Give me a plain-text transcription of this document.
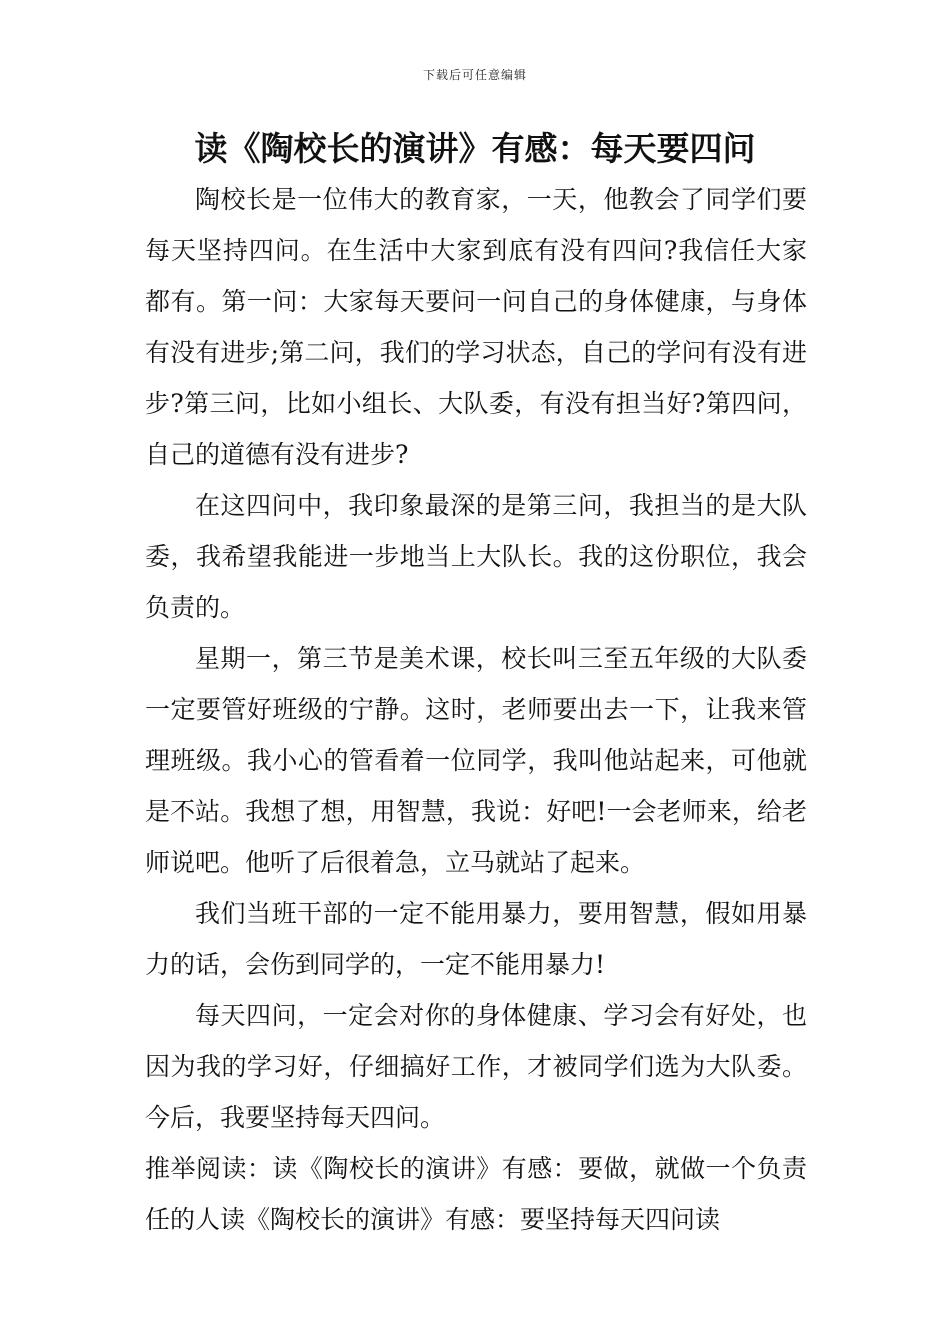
下载后可任意编辑
读《陶校长的演讲》有感：每天要四问

陶校长是一位伟大的教育家，一天，他教会了同学们要每天坚持四问。在生活中大家到底有没有四问?我信任大家都有。第一问：大家每天要问一问自己的身体健康，与身体有没有进步;第二问，我们的学习状态，自己的学问有没有进步?第三问，比如小组长、大队委，有没有担当好?第四问，自己的道德有没有进步?

在这四问中，我印象最深的是第三问，我担当的是大队委，我希望我能进一步地当上大队长。我的这份职位，我会负责的。

星期一，第三节是美术课，校长叫三至五年级的大队委一定要管好班级的宁静。这时，老师要出去一下，让我来管理班级。我小心的管看着一位同学，我叫他站起来，可他就是不站。我想了想，用智慧，我说：好吧!一会老师来，给老师说吧。他听了后很着急，立马就站了起来。

我们当班干部的一定不能用暴力，要用智慧，假如用暴力的话，会伤到同学的，一定不能用暴力!

每天四问，一定会对你的身体健康、学习会有好处，也因为我的学习好，仔细搞好工作，才被同学们选为大队委。今后，我要坚持每天四问。

推举阅读：读《陶校长的演讲》有感：要做，就做一个负责任的人读《陶校长的演讲》有感：要坚持每天四问读
